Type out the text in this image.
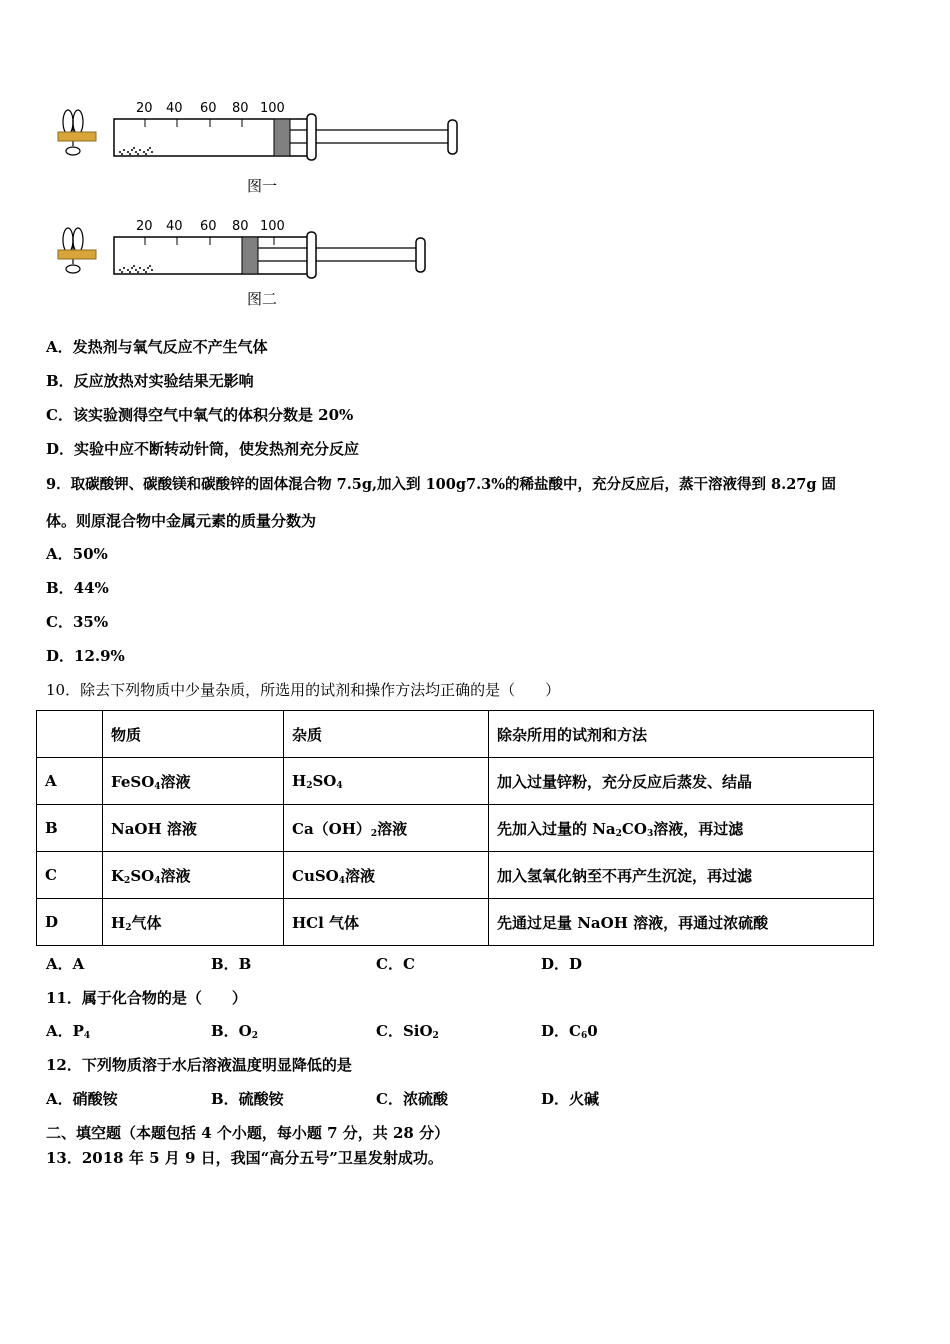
20 40 60 80 100
图一
20 40 60 80 100
图二
A．发热剂与氧气反应不产生气体
B．反应放热对实验结果无影响
C．该实验测得空气中氧气的体积分数是 20%
D．实验中应不断转动针筒，使发热剂充分反应
9．取碳酸钾、碳酸镁和碳酸锌的固体混合物 7.5g,加入到 100g7.3%的稀盐酸中，充分反应后，蒸干溶液得到 8.27g 固
体。则原混合物中金属元素的质量分数为
A．50%
B．44%
C．35%
D．12.9%
10．除去下列物质中少量杂质，所选用的试剂和操作方法均正确的是（　　）
	物质	杂质	除杂所用的试剂和方法
A	FeSO$_4$溶液	$H_2SO_4$	加入过量锌粉，充分反应后蒸发、结晶
B	NaOH 溶液	$Ca(OH)_2$溶液	先加入过量的 $Na_2CO_3$溶液，再过滤
C	$K_2SO_4$溶液	CuSO$_4$溶液	加入氢氧化钠至不再产生沉淀，再过滤
D	$H_2$气体	HCl 气体	先通过足量 NaOH 溶液，再通过浓硫酸
A．A	B．B	C．C	D．D
11．属于化合物的是（　　）
A．$P_4$	B．$O_2$	C．SiO$_2$	D．$C_60$
12．下列物质溶于水后溶液温度明显降低的是
A．硝酸铵	B．硫酸铵	C．浓硫酸	D．火碱
二、填空题（本题包括 4 个小题，每小题 7 分，共 28 分）
13．2018 年 5 月 9 日，我国“高分五号”卫星发射成功。
